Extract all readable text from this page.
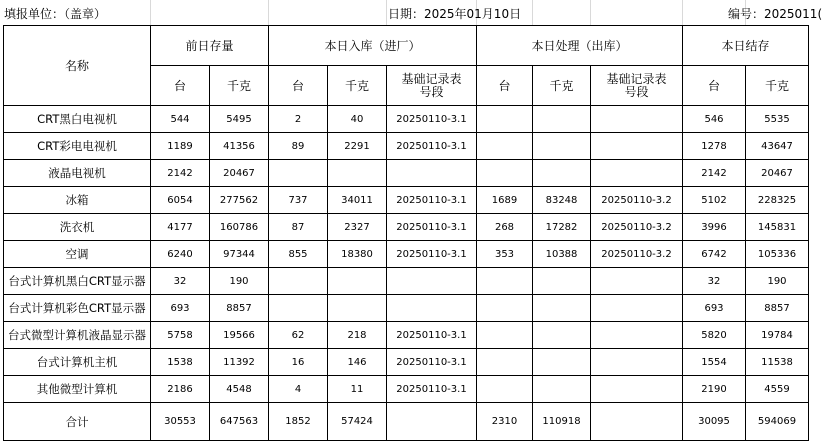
填报单位：（盖章）	日期：2025年01月10日	编号：2025011(
名称	前日存量		本日入库（进厂）			本日处理（出库）			本日结存	
	台	千克	台	千克	基础记录表号段	台	千克	基础记录表号段	台	千克
CRT黑白电视机	544	5495	2	40	20250110-3.1				546	5535
CRT彩电电视机	1189	41356	89	2291	20250110-3.1				1278	43647
液晶电视机	2142	20467							2142	20467
冰箱	6054	277562	737	34011	20250110-3.1	1689	83248	20250110-3.2	5102	228325
洗衣机	4177	160786	87	2327	20250110-3.1	268	17282	20250110-3.2	3996	145831
空调	6240	97344	855	18380	20250110-3.1	353	10388	20250110-3.2	6742	105336
台式计算机黑白CRT显示器	32	190							32	190
台式计算机彩色CRT显示器	693	8857							693	8857
台式微型计算机液晶显示器	5758	19566	62	218	20250110-3.1				5820	19784
台式计算机主机	1538	11392	16	146	20250110-3.1				1554	11538
其他微型计算机	2186	4548	4	11	20250110-3.1				2190	4559
合计	30553	647563	1852	57424		2310	110918		30095	594069
